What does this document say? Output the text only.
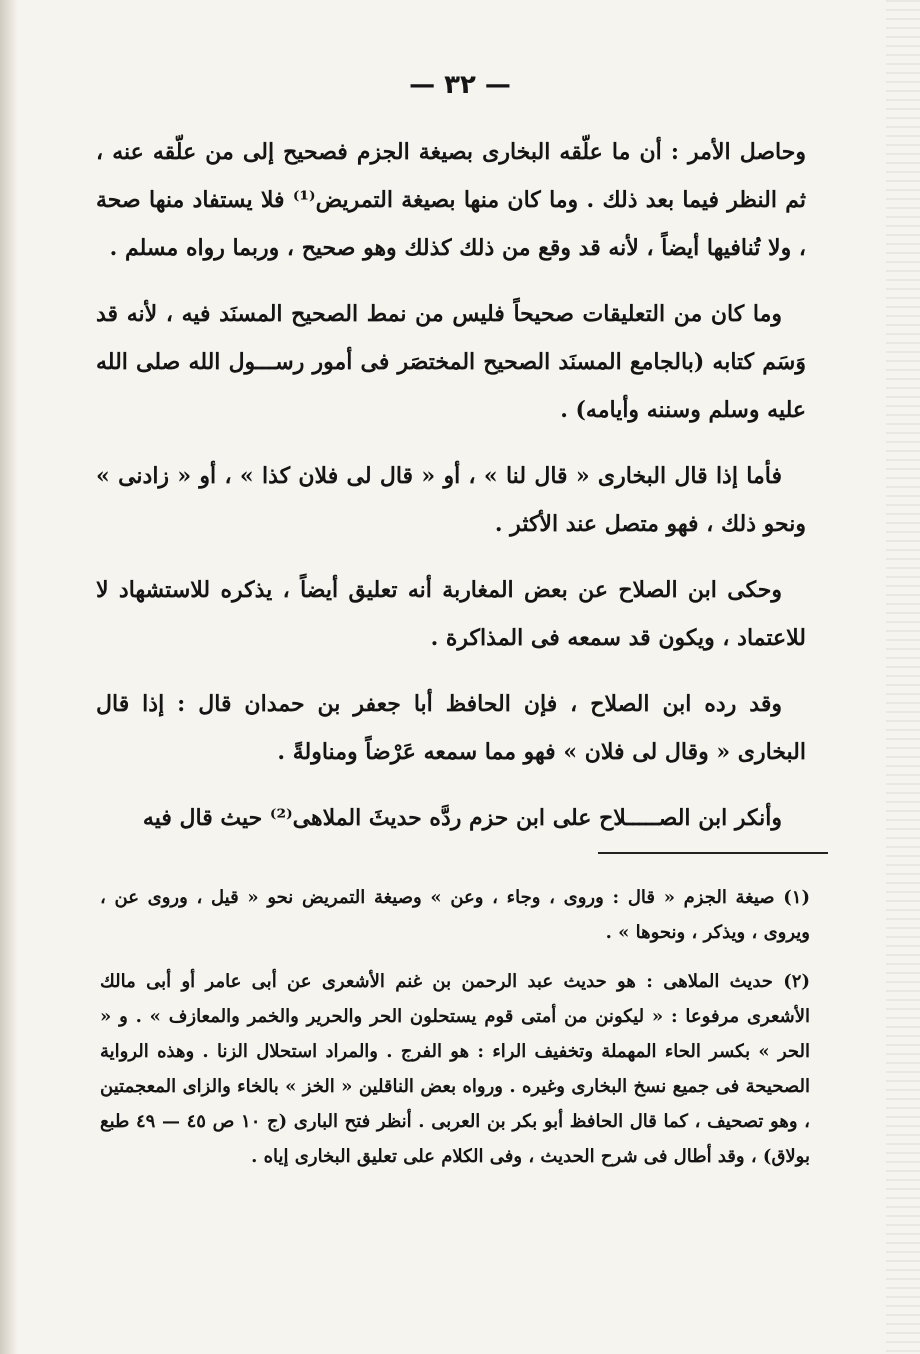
— ٣٢ —

وحاصل الأمر : أن ما علّقه البخارى بصيغة الجزم فصحيح إلى من علّقه عنه ، ثم النظر فيما بعد ذلك . وما كان منها بصيغة التمريض⁽¹⁾ فلا يستفاد منها صحة ، ولا تُنافيها أيضاً ، لأنه قد وقع من ذلك كذلك وهو صحيح ، وربما رواه مسلم .

وما كان من التعليقات صحيحاً فليس من نمط الصحيح المسنَد فيه ، لأنه قد وَسَم كتابه (بالجامع المسنَد الصحيح المختصَر فى أمور رســـول الله صلى الله عليه وسلم وسننه وأيامه) .

فأما إذا قال البخارى « قال لنا » ، أو « قال لى فلان كذا » ، أو « زادنى » ونحو ذلك ، فهو متصل عند الأكثر .

وحكى ابن الصلاح عن بعض المغاربة أنه تعليق أيضاً ، يذكره للاستشهاد لا للاعتماد ، ويكون قد سمعه فى المذاكرة .

وقد رده ابن الصلاح ، فإن الحافظ أبا جعفر بن حمدان قال : إذا قال البخارى « وقال لى فلان » فهو مما سمعه عَرْضاً ومناولةً .

وأنكر ابن الصـــــلاح على ابن حزم ردَّه حديثَ الملاهى⁽²⁾ حيث قال فيه

(١) صيغة الجزم « قال : وروى ، وجاء ، وعن » وصيغة التمريض نحو « قيل ، وروى عن ، ويروى ، ويذكر ، ونحوها » .

(٢) حديث الملاهى : هو حديث عبد الرحمن بن غنم الأشعرى عن أبى عامر أو أبى مالك الأشعرى مرفوعا : « ليكونن من أمتى قوم يستحلون الحر والحرير والخمر والمعازف » . و « الحر » بكسر الحاء المهملة وتخفيف الراء : هو الفرج . والمراد استحلال الزنا . وهذه الرواية الصحيحة فى جميع نسخ البخارى وغيره . ورواه بعض الناقلين « الخز » بالخاء والزاى المعجمتين ، وهو تصحيف ، كما قال الحافظ أبو بكر بن العربى . أنظر فتح البارى (ج ١٠ ص ٤٥ — ٤٩ طبع بولاق) ، وقد أطال فى شرح الحديث ، وفى الكلام على تعليق البخارى إياه .
